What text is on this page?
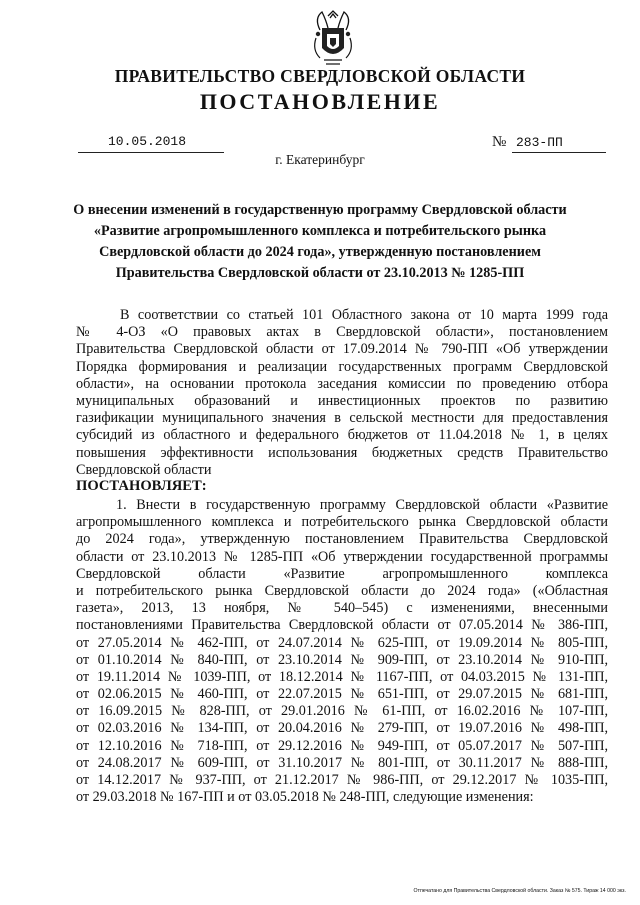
ПРАВИТЕЛЬСТВО СВЕРДЛОВСКОЙ ОБЛАСТИ
ПОСТАНОВЛЕНИЕ
10.05.2018	№ 283-ПП
г. Екатеринбург
О внесении изменений в государственную программу Свердловской области
«Развитие агропромышленного комплекса и потребительского рынка
Свердловской области до 2024 года», утвержденную постановлением
Правительства Свердловской области от 23.10.2013 № 1285-ПП
В соответствии со статьей 101 Областного закона от 10 марта 1999 года
№ 4-ОЗ «О правовых актах в Свердловской области», постановлением
Правительства Свердловской области от 17.09.2014 № 790-ПП «Об утверждении
Порядка формирования и реализации государственных программ Свердловской
области», на основании протокола заседания комиссии по проведению отбора
муниципальных образований и инвестиционных проектов по развитию
газификации муниципального значения в сельской местности для предоставления
субсидий из областного и федерального бюджетов от 11.04.2018 № 1, в целях
повышения эффективности использования бюджетных средств Правительство
Свердловской области
ПОСТАНОВЛЯЕТ:
1. Внести в государственную программу Свердловской области «Развитие
агропромышленного комплекса и потребительского рынка Свердловской области
до 2024 года», утвержденную постановлением Правительства Свердловской
области от 23.10.2013 № 1285-ПП «Об утверждении государственной программы
Свердловской области «Развитие агропромышленного комплекса
и потребительского рынка Свердловской области до 2024 года» («Областная
газета», 2013, 13 ноября, № 540–545) с изменениями, внесенными
постановлениями Правительства Свердловской области от 07.05.2014 № 386-ПП,
от 27.05.2014 № 462-ПП, от 24.07.2014 № 625-ПП, от 19.09.2014 № 805-ПП,
от 01.10.2014 № 840-ПП, от 23.10.2014 № 909-ПП, от 23.10.2014 № 910-ПП,
от 19.11.2014 № 1039-ПП, от 18.12.2014 № 1167-ПП, от 04.03.2015 № 131-ПП,
от 02.06.2015 № 460-ПП, от 22.07.2015 № 651-ПП, от 29.07.2015 № 681-ПП,
от 16.09.2015 № 828-ПП, от 29.01.2016 № 61-ПП, от 16.02.2016 № 107-ПП,
от 02.03.2016 № 134-ПП, от 20.04.2016 № 279-ПП, от 19.07.2016 № 498-ПП,
от 12.10.2016 № 718-ПП, от 29.12.2016 № 949-ПП, от 05.07.2017 № 507-ПП,
от 24.08.2017 № 609-ПП, от 31.10.2017 № 801-ПП, от 30.11.2017 № 888-ПП,
от 14.12.2017 № 937-ПП, от 21.12.2017 № 986-ПП, от 29.12.2017 № 1035-ПП,
от 29.03.2018 № 167-ПП и от 03.05.2018 № 248-ПП, следующие изменения:
Отпечатано для Правительства Свердловской области. Заказ № 575. Тираж 14 000 экз.
